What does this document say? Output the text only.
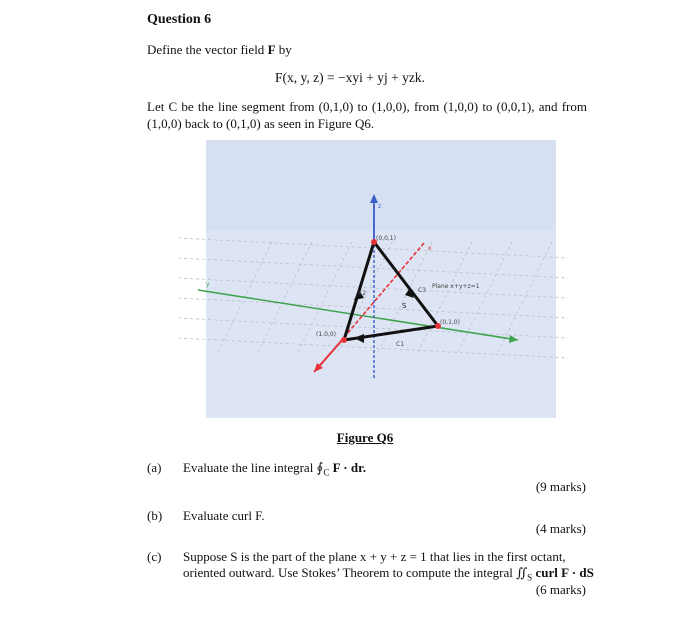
Question 6
Define the vector field F by
F(x, y, z) = −xyi + yj + yzk.
Let C be the line segment from (0,1,0) to (1,0,0), from (1,0,0) to (0,0,1), and from (1,0,0) back to (0,1,0) as seen in Figure Q6.
y
x
z
(0,0,1)
(1,0,0)
(0,1,0)
Plane x+y+z=1
C2
C1
C3
S
Figure Q6
(a) Evaluate the line integral $∮_C$ F · dr.
(9 marks)
(b) Evaluate curl F.
(4 marks)
(c) Suppose S is the part of the plane x + y + z = 1 that lies in the first octant,
oriented outward. Use Stokes’ Theorem to compute the integral $∬_S$ curl F · dS
(6 marks)
